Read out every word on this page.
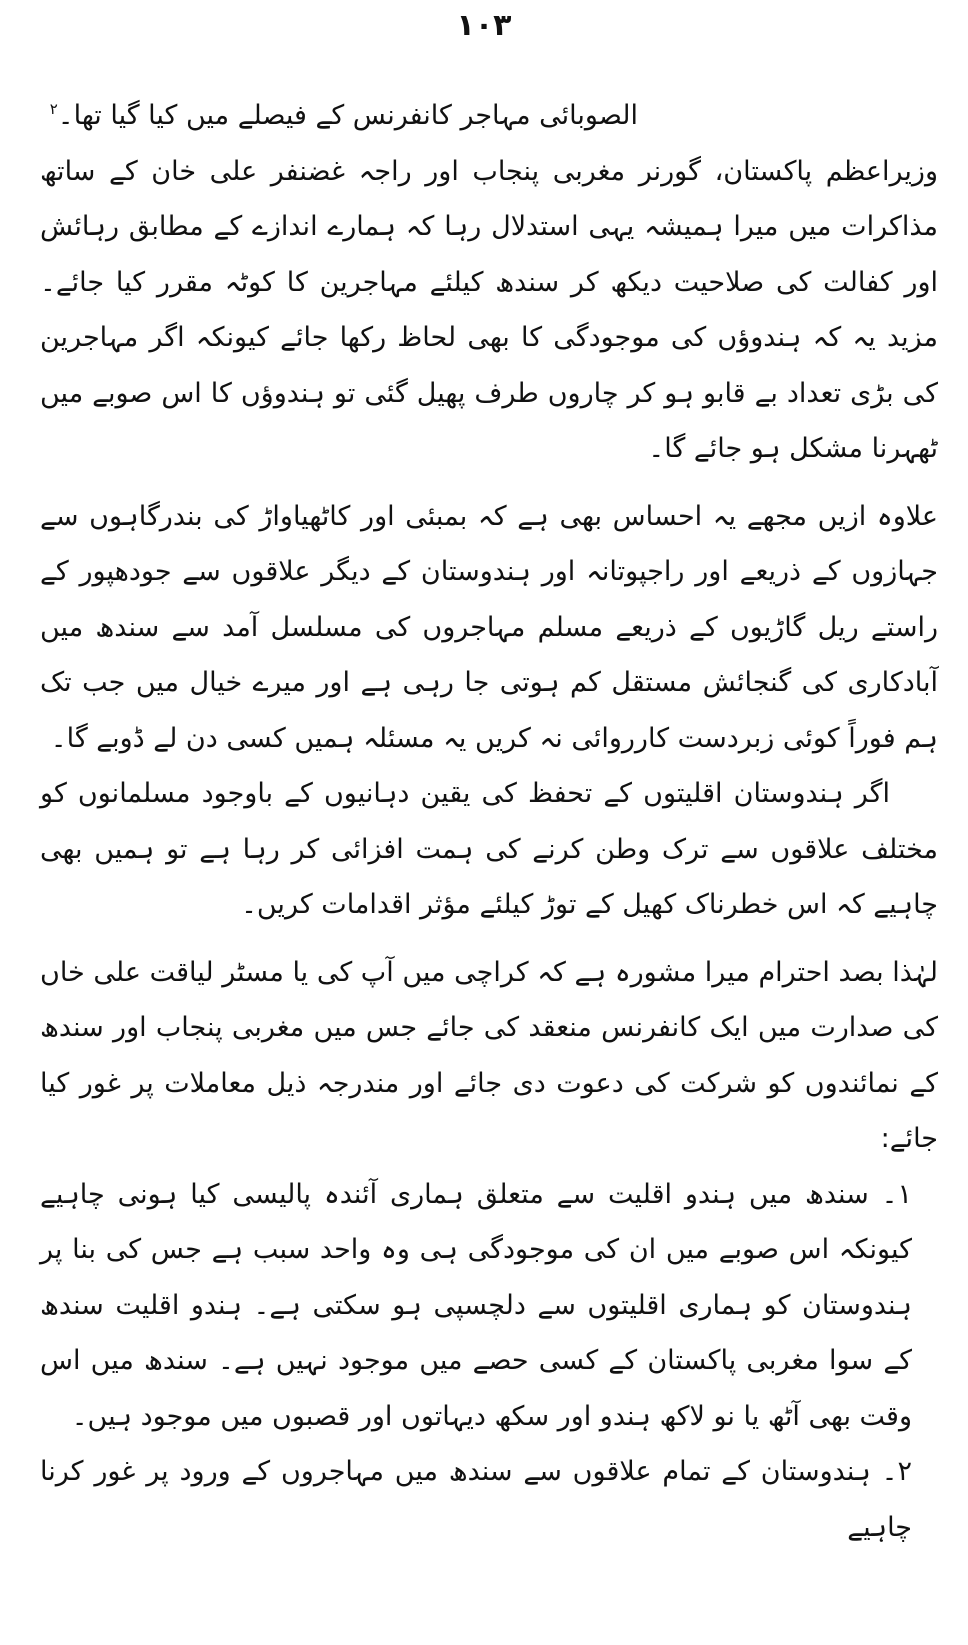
١٠٣

الصوبائی مہاجر کانفرنس کے فیصلے میں کیا گیا تھا۔$^٢$

وزیراعظم پاکستان، گورنر مغربی پنجاب اور راجہ غضنفر علی خان کے ساتھ مذاکرات میں میرا ہمیشہ یہی استدلال رہا کہ ہمارے اندازے کے مطابق رہائش اور کفالت کی صلاحیت دیکھ کر سندھ کیلئے مہاجرین کا کوٹہ مقرر کیا جائے۔ مزید یہ کہ ہندوؤں کی موجودگی کا بھی لحاظ رکھا جائے کیونکہ اگر مہاجرین کی بڑی تعداد بے قابو ہو کر چاروں طرف پھیل گئی تو ہندوؤں کا اس صوبے میں ٹھہرنا مشکل ہو جائے گا۔

علاوہ ازیں مجھے یہ احساس بھی ہے کہ بمبئی اور کاٹھیاواڑ کی بندرگاہوں سے جہازوں کے ذریعے اور راجپوتانہ اور ہندوستان کے دیگر علاقوں سے جودھپور کے راستے ریل گاڑیوں کے ذریعے مسلم مہاجروں کی مسلسل آمد سے سندھ میں آبادکاری کی گنجائش مستقل کم ہوتی جا رہی ہے اور میرے خیال میں جب تک ہم فوراً کوئی زبردست کارروائی نہ کریں یہ مسئلہ ہمیں کسی دن لے ڈوبے گا۔

اگر ہندوستان اقلیتوں کے تحفظ کی یقین دہانیوں کے باوجود مسلمانوں کو مختلف علاقوں سے ترک وطن کرنے کی ہمت افزائی کر رہا ہے تو ہمیں بھی چاہیے کہ اس خطرناک کھیل کے توڑ کیلئے مؤثر اقدامات کریں۔

لہٰذا بصد احترام میرا مشورہ ہے کہ کراچی میں آپ کی یا مسٹر لیاقت علی خاں کی صدارت میں ایک کانفرنس منعقد کی جائے جس میں مغربی پنجاب اور سندھ کے نمائندوں کو شرکت کی دعوت دی جائے اور مندرجہ ذیل معاملات پر غور کیا جائے:

١۔ سندھ میں ہندو اقلیت سے متعلق ہماری آئندہ پالیسی کیا ہونی چاہیے کیونکہ اس صوبے میں ان کی موجودگی ہی وہ واحد سبب ہے جس کی بنا پر ہندوستان کو ہماری اقلیتوں سے دلچسپی ہو سکتی ہے۔ ہندو اقلیت سندھ کے سوا مغربی پاکستان کے کسی حصے میں موجود نہیں ہے۔ سندھ میں اس وقت بھی آٹھ یا نو لاکھ ہندو اور سکھ دیہاتوں اور قصبوں میں موجود ہیں۔

٢۔ ہندوستان کے تمام علاقوں سے سندھ میں مہاجروں کے ورود پر غور کرنا چاہیے
